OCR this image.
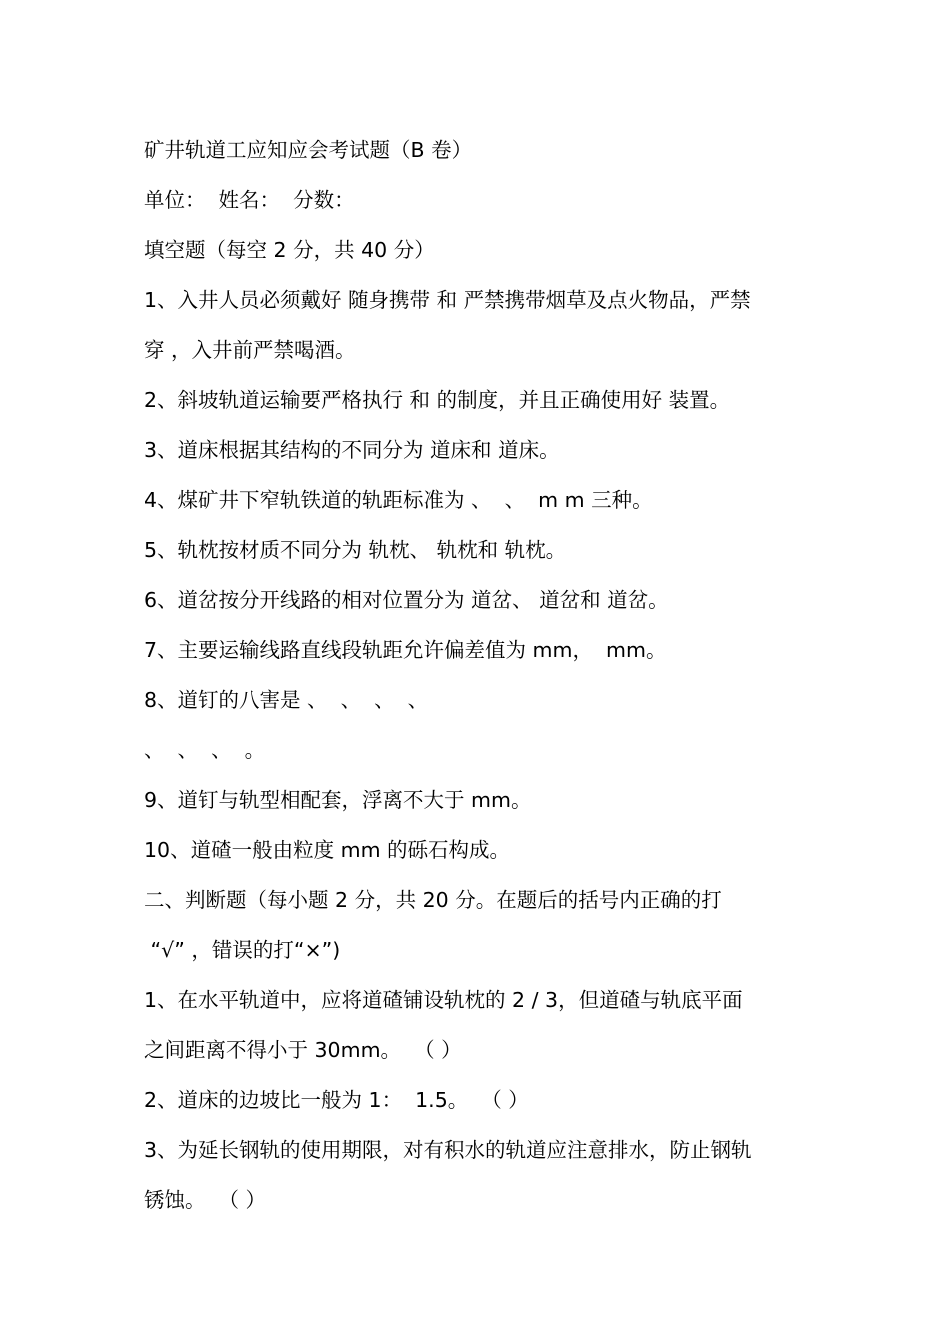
矿井轨道工应知应会考试题（B 卷）
单位：  姓名：  分数：
填空题（每空 2 分，共 40 分）
1、入井人员必须戴好 随身携带 和 严禁携带烟草及点火物品，严禁
穿 ，入井前严禁喝酒。
2、斜坡轨道运输要严格执行 和 的制度，并且正确使用好 装置。
3、道床根据其结构的不同分为 道床和 道床。
4、煤矿井下窄轨铁道的轨距标准为 、  、  m m 三种。
5、轨枕按材质不同分为 轨枕、 轨枕和 轨枕。
6、道岔按分开线路的相对位置分为 道岔、 道岔和 道岔。
7、主要运输线路直线段轨距允许偏差值为 mm，  mm。
8、道钉的八害是 、  、  、  、
、  、  、  。
9、道钉与轨型相配套，浮离不大于 mm。
10、道碴一般由粒度 mm 的砾石构成。
二、判断题（每小题 2 分，共 20 分。在题后的括号内正确的打
“√” ，错误的打“×”)
1、在水平轨道中，应将道碴铺设轨枕的 2 / 3，但道碴与轨底平面
之间距离不得小于 30mm。  （ ）
2、道床的边坡比一般为 1：  1.5。  （ ）
3、为延长钢轨的使用期限，对有积水的轨道应注意排水，防止钢轨
锈蚀。  （ ）
